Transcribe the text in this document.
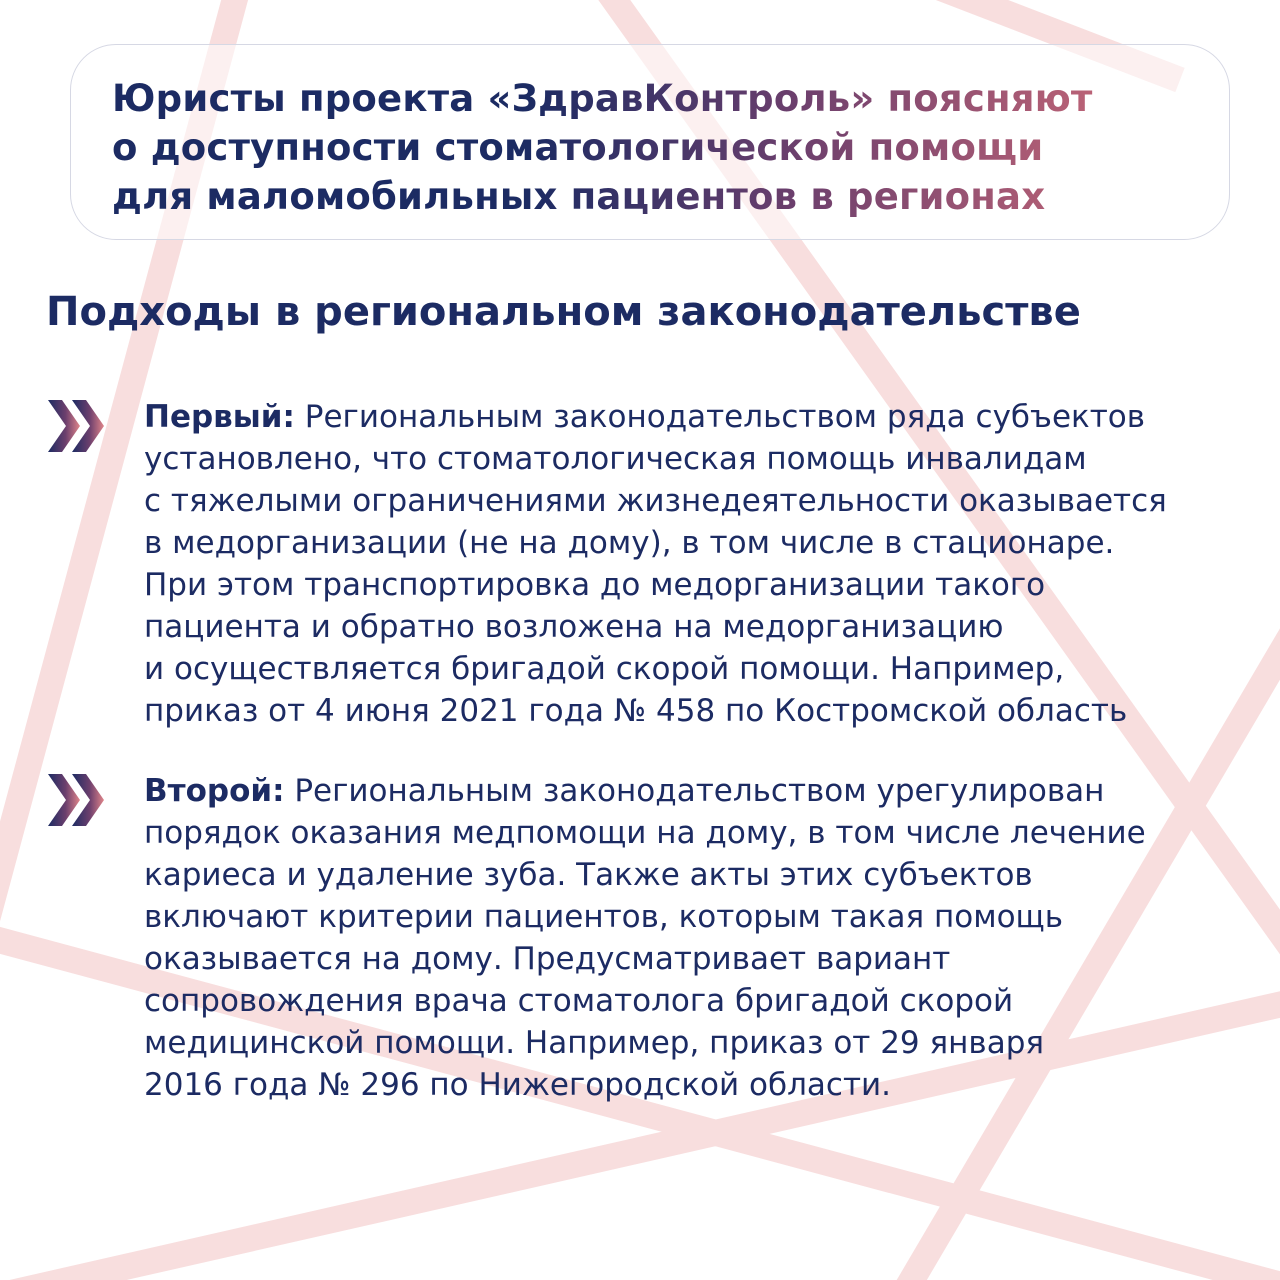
Юристы проекта «ЗдравКонтроль» поясняют
о доступности стоматологической помощи
для маломобильных пациентов в регионах
Подходы в региональном законодательстве

Первый: Региональным законодательством ряда субъектов
установлено, что стоматологическая помощь инвалидам
с тяжелыми ограничениями жизнедеятельности оказывается
в медорганизации (не на дому), в том числе в стационаре.
При этом транспортировка до медорганизации такого
пациента и обратно возложена на медорганизацию
и осуществляется бригадой скорой помощи. Например,
приказ от 4 июня 2021 года № 458 по Костромской область

Второй: Региональным законодательством урегулирован
порядок оказания медпомощи на дому, в том числе лечение
кариеса и удаление зуба. Также акты этих субъектов
включают критерии пациентов, которым такая помощь
оказывается на дому. Предусматривает вариант
сопровождения врача стоматолога бригадой скорой
медицинской помощи. Например, приказ от 29 января
2016 года № 296 по Нижегородской области.
